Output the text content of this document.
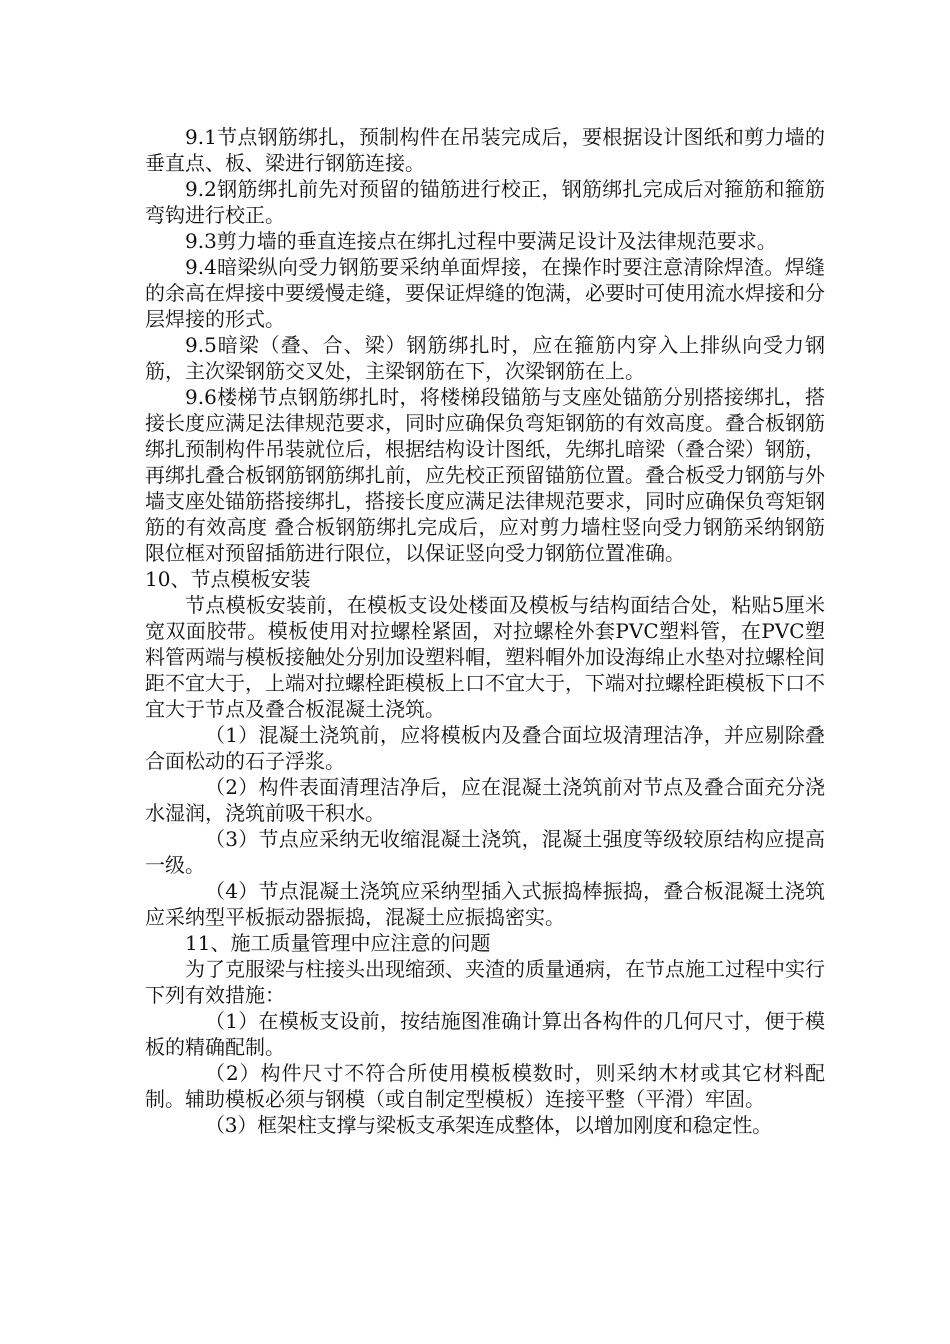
9.1节点钢筋绑扎，预制构件在吊装完成后，要根据设计图纸和剪力墙的垂直点、板、梁进行钢筋连接。

9.2钢筋绑扎前先对预留的锚筋进行校正，钢筋绑扎完成后对箍筋和箍筋弯钩进行校正。

9.3剪力墙的垂直连接点在绑扎过程中要满足设计及法律规范要求。

9.4暗梁纵向受力钢筋要采纳单面焊接，在操作时要注意清除焊渣。焊缝的余高在焊接中要缓慢走缝，要保证焊缝的饱满，必要时可使用流水焊接和分层焊接的形式。

9.5暗梁（叠、合、梁）钢筋绑扎时，应在箍筋内穿入上排纵向受力钢筋，主次梁钢筋交叉处，主梁钢筋在下，次梁钢筋在上。

9.6楼梯节点钢筋绑扎时，将楼梯段锚筋与支座处锚筋分别搭接绑扎，搭接长度应满足法律规范要求，同时应确保负弯矩钢筋的有效高度。叠合板钢筋绑扎预制构件吊装就位后，根据结构设计图纸，先绑扎暗梁（叠合梁）钢筋，再绑扎叠合板钢筋钢筋绑扎前，应先校正预留锚筋位置。叠合板受力钢筋与外墙支座处锚筋搭接绑扎，搭接长度应满足法律规范要求，同时应确保负弯矩钢筋的有效高度 叠合板钢筋绑扎完成后，应对剪力墙柱竖向受力钢筋采纳钢筋限位框对预留插筋进行限位，以保证竖向受力钢筋位置准确。

10、节点模板安装

节点模板安装前，在模板支设处楼面及模板与结构面结合处，粘贴5厘米宽双面胶带。模板使用对拉螺栓紧固，对拉螺栓外套PVC塑料管，在PVC塑料管两端与模板接触处分别加设塑料帽，塑料帽外加设海绵止水垫对拉螺栓间距不宜大于，上端对拉螺栓距模板上口不宜大于，下端对拉螺栓距模板下口不宜大于节点及叠合板混凝土浇筑。

（1）混凝土浇筑前，应将模板内及叠合面垃圾清理洁净，并应剔除叠合面松动的石子浮浆。

（2）构件表面清理洁净后，应在混凝土浇筑前对节点及叠合面充分浇水湿润，浇筑前吸干积水。

（3）节点应采纳无收缩混凝土浇筑，混凝土强度等级较原结构应提高一级。

（4）节点混凝土浇筑应采纳型插入式振捣棒振捣，叠合板混凝土浇筑应采纳型平板振动器振捣，混凝土应振捣密实。

11、施工质量管理中应注意的问题

为了克服梁与柱接头出现缩颈、夹渣的质量通病，在节点施工过程中实行下列有效措施：

（1）在模板支设前，按结施图准确计算出各构件的几何尺寸，便于模板的精确配制。

（2）构件尺寸不符合所使用模板模数时，则采纳木材或其它材料配制。辅助模板必须与钢模（或自制定型模板）连接平整（平滑）牢固。

（3）框架柱支撑与梁板支承架连成整体，以增加刚度和稳定性。
